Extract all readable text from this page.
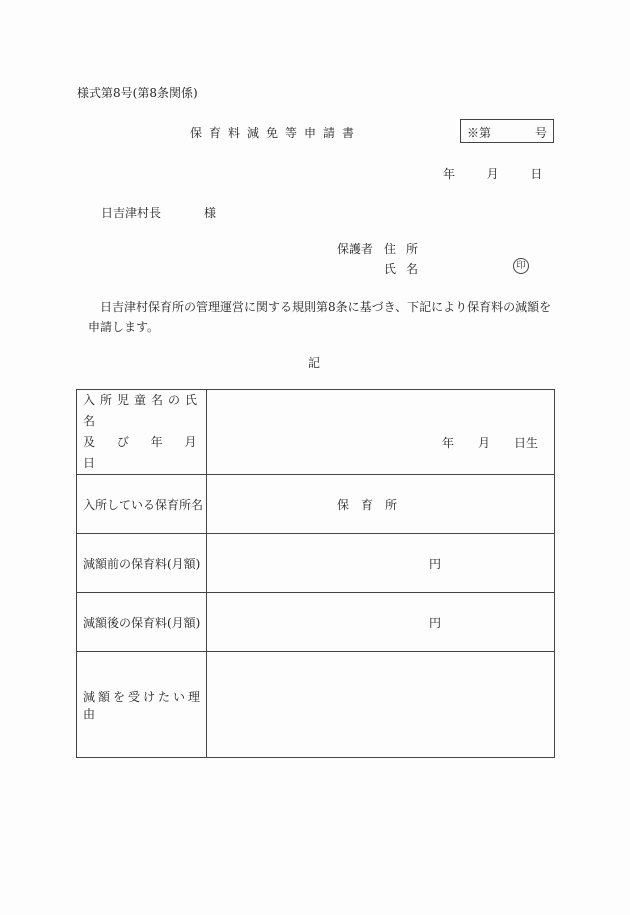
様式第8号(第8条関係)
保育料減免等申請書	※第	号
年	月	日
日吉津村長	様
保護者 住所
氏名	印
日吉津村保育所の管理運営に関する規則第8条に基づき、下記により保育料の減額を申請します。
記
入所児童名の氏名
及 び 年 月 日	年　　月　　日生
入所している保育所名	保　育　所
減額前の保育料(月額)	円
減額後の保育料(月額)	円
減額を受けたい理由	
